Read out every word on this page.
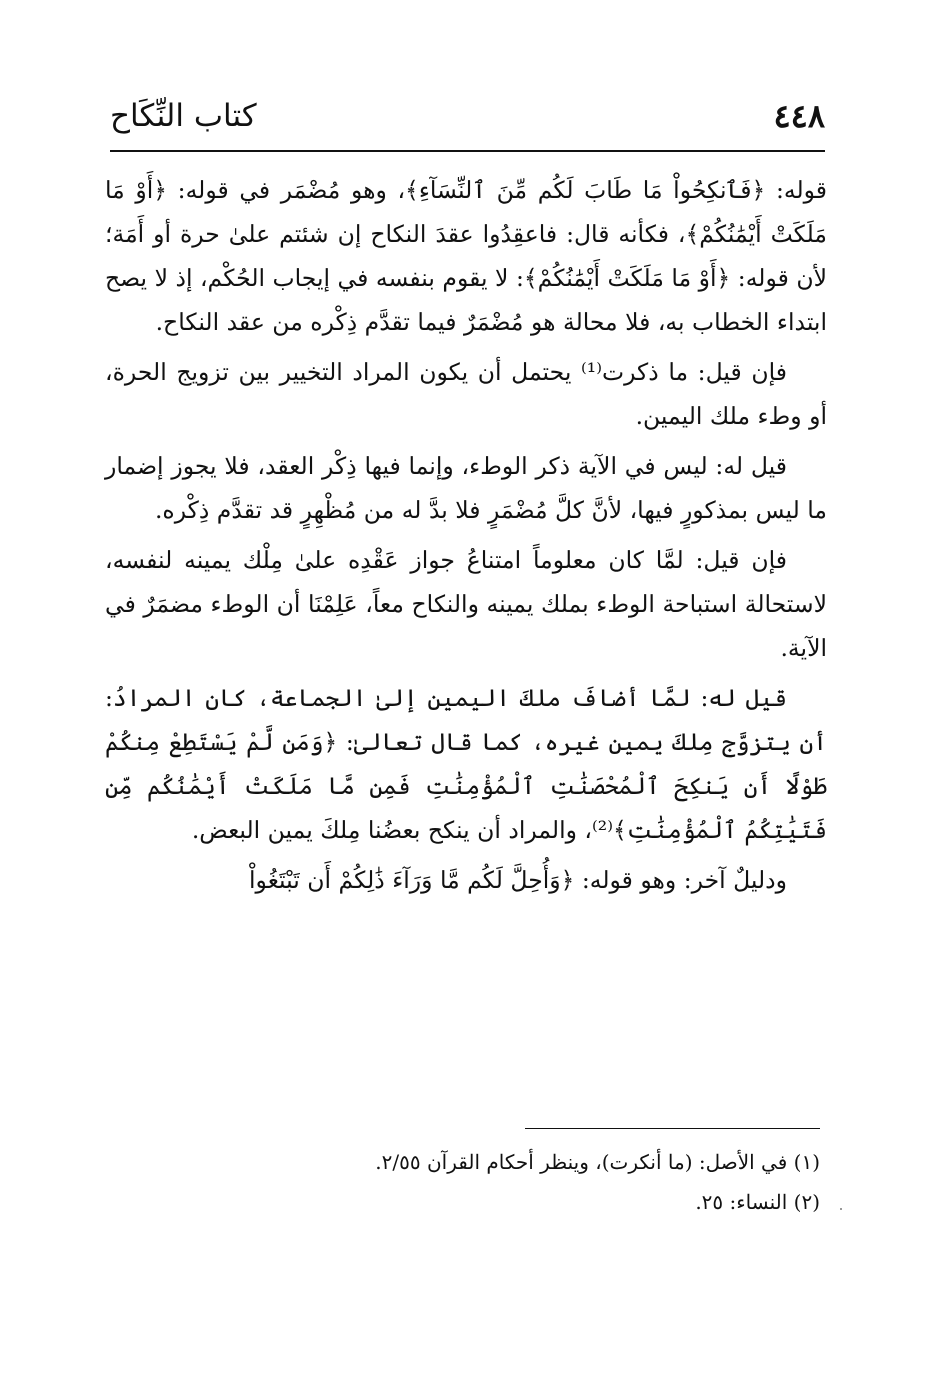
٤٤٨
كتاب النِّكَاح

قوله: ﴿فَٱنكِحُواْ مَا طَابَ لَكُم مِّنَ ٱلنِّسَآءِ﴾، وهو مُضْمَر في قوله: ﴿أَوْ مَا مَلَكَتْ أَيْمَٰنُكُمْ﴾، فكأنه قال: فاعقِدُوا عقدَ النكاح إن شئتم علىٰ حرة أو أَمَة؛ لأن قوله: ﴿أَوْ مَا مَلَكَتْ أَيْمَٰنُكُمْ﴾: لا يقوم بنفسه في إيجاب الحُكْم، إذ لا يصح ابتداء الخطاب به، فلا محالة هو مُضْمَرٌ فيما تقدَّم ذِكْره من عقد النكاح.

فإن قيل: ما ذكرت⁽¹⁾ يحتمل أن يكون المراد التخيير بين تزويج الحرة، أو وطء ملك اليمين.

قيل له: ليس في الآية ذكر الوطء، وإنما فيها ذِكْر العقد، فلا يجوز إضمار ما ليس بمذكورٍ فيها، لأنَّ كلَّ مُضْمَرٍ فلا بدَّ له من مُظْهِرٍ قد تقدَّم ذِكْره.

فإن قيل: لمَّا كان معلوماً امتناعُ جواز عَقْدِه علىٰ مِلْك يمينه لنفسه، لاستحالة استباحة الوطء بملك يمينه والنكاح معاً، عَلِمْنَا أن الوطء مضمَرٌ في الآية.

قيل له: لمَّا أضافَ ملكَ اليمين إلىٰ الجماعة، كان المرادُ: أن يتزوَّج مِلكَ يمين غيره، كما قال تعالىٰ: ﴿وَمَن لَّمْ يَسْتَطِعْ مِنكُمْ طَوْلًا أَن يَنكِحَ ٱلْمُحْصَنَٰتِ ٱلْمُؤْمِنَٰتِ فَمِن مَّا مَلَكَتْ أَيْمَٰنُكُم مِّن فَتَيَٰتِكُمُ ٱلْمُؤْمِنَٰتِ﴾⁽²⁾، والمراد أن ينكح بعضُنا مِلكَ يمين البعض.

ودليلٌ آخر: وهو قوله: ﴿وَأُحِلَّ لَكُم مَّا وَرَآءَ ذَٰلِكُمْ أَن تَبْتَغُواْ

(١) في الأصل: (ما أنكرت)، وينظر أحكام القرآن ٢/٥٥.

(٢) النساء: ٢٥.
